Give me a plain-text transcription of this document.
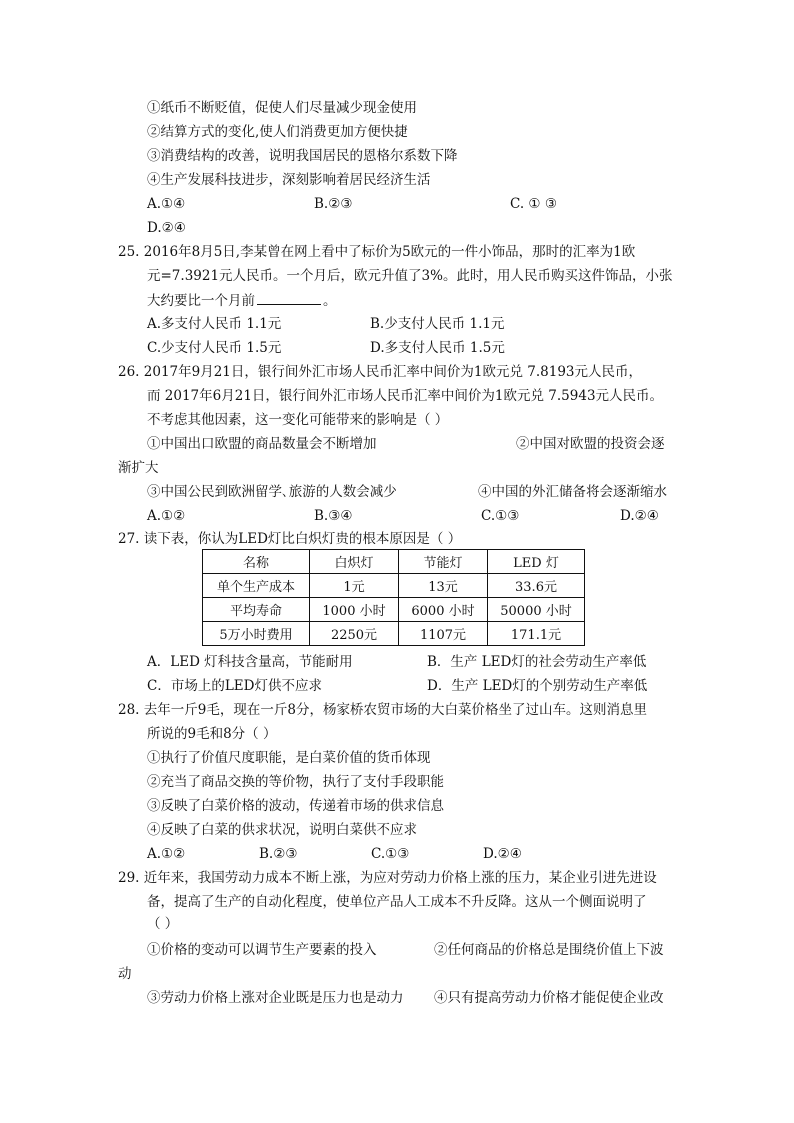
①纸币不断贬值，促使人们尽量减少现金使用
②结算方式的变化,使人们消费更加方便快捷
③消费结构的改善，说明我国居民的恩格尔系数下降
④生产发展科技进步，深刻影响着居民经济生活
A.①④	B.②③	C. ① ③
D.②④
25. 2016年8月5日,李某曾在网上看中了标价为5欧元的一件小饰品，那时的汇率为1欧
元=7.3921元人民币。一个月后，欧元升值了3%。此时，用人民币购买这件饰品，小张
大约要比一个月前	。
A.多支付人民币 1.1元	B.少支付人民币 1.1元
C.少支付人民币 1.5元	D.多支付人民币 1.5元
26. 2017年9月21日，银行间外汇市场人民币汇率中间价为1欧元兑 7.8193元人民币，
而 2017年6月21日，银行间外汇市场人民币汇率中间价为1欧元兑 7.5943元人民币。
不考虑其他因素，这一变化可能带来的影响是（ ）
①中国出口欧盟的商品数量会不断增加	②中国对欧盟的投资会逐
渐扩大
③中国公民到欧洲留学､旅游的人数会减少	④中国的外汇储备将会逐渐缩水
A.①②	B.③④	C.①③	D.②④
27. 读下表，你认为LED灯比白炽灯贵的根本原因是（ ）
名称	白炽灯	节能灯	LED 灯
单个生产成本	1元	13元	33.6元
平均寿命	1000 小时	6000 小时	50000 小时
5万小时费用	2250元	1107元	171.1元
A．LED 灯科技含量高，节能耐用	B．生产 LED灯的社会劳动生产率低
C．市场上的LED灯供不应求	D．生产 LED灯的个别劳动生产率低
28. 去年一斤9毛，现在一斤8分，杨家桥农贸市场的大白菜价格坐了过山车。这则消息里
所说的9毛和8分（ ）
①执行了价值尺度职能，是白菜价值的货币体现
②充当了商品交换的等价物，执行了支付手段职能
③反映了白菜价格的波动，传递着市场的供求信息
④反映了白菜的供求状况，说明白菜供不应求
A.①②	B.②③	C.①③	D.②④
29. 近年来，我国劳动力成本不断上涨，为应对劳动力价格上涨的压力，某企业引进先进设
备，提高了生产的自动化程度，使单位产品人工成本不升反降。这从一个侧面说明了
（ ）
①价格的变动可以调节生产要素的投入	②任何商品的价格总是围绕价值上下波
动
③劳动力价格上涨对企业既是压力也是动力 ④只有提高劳动力价格才能促使企业改
